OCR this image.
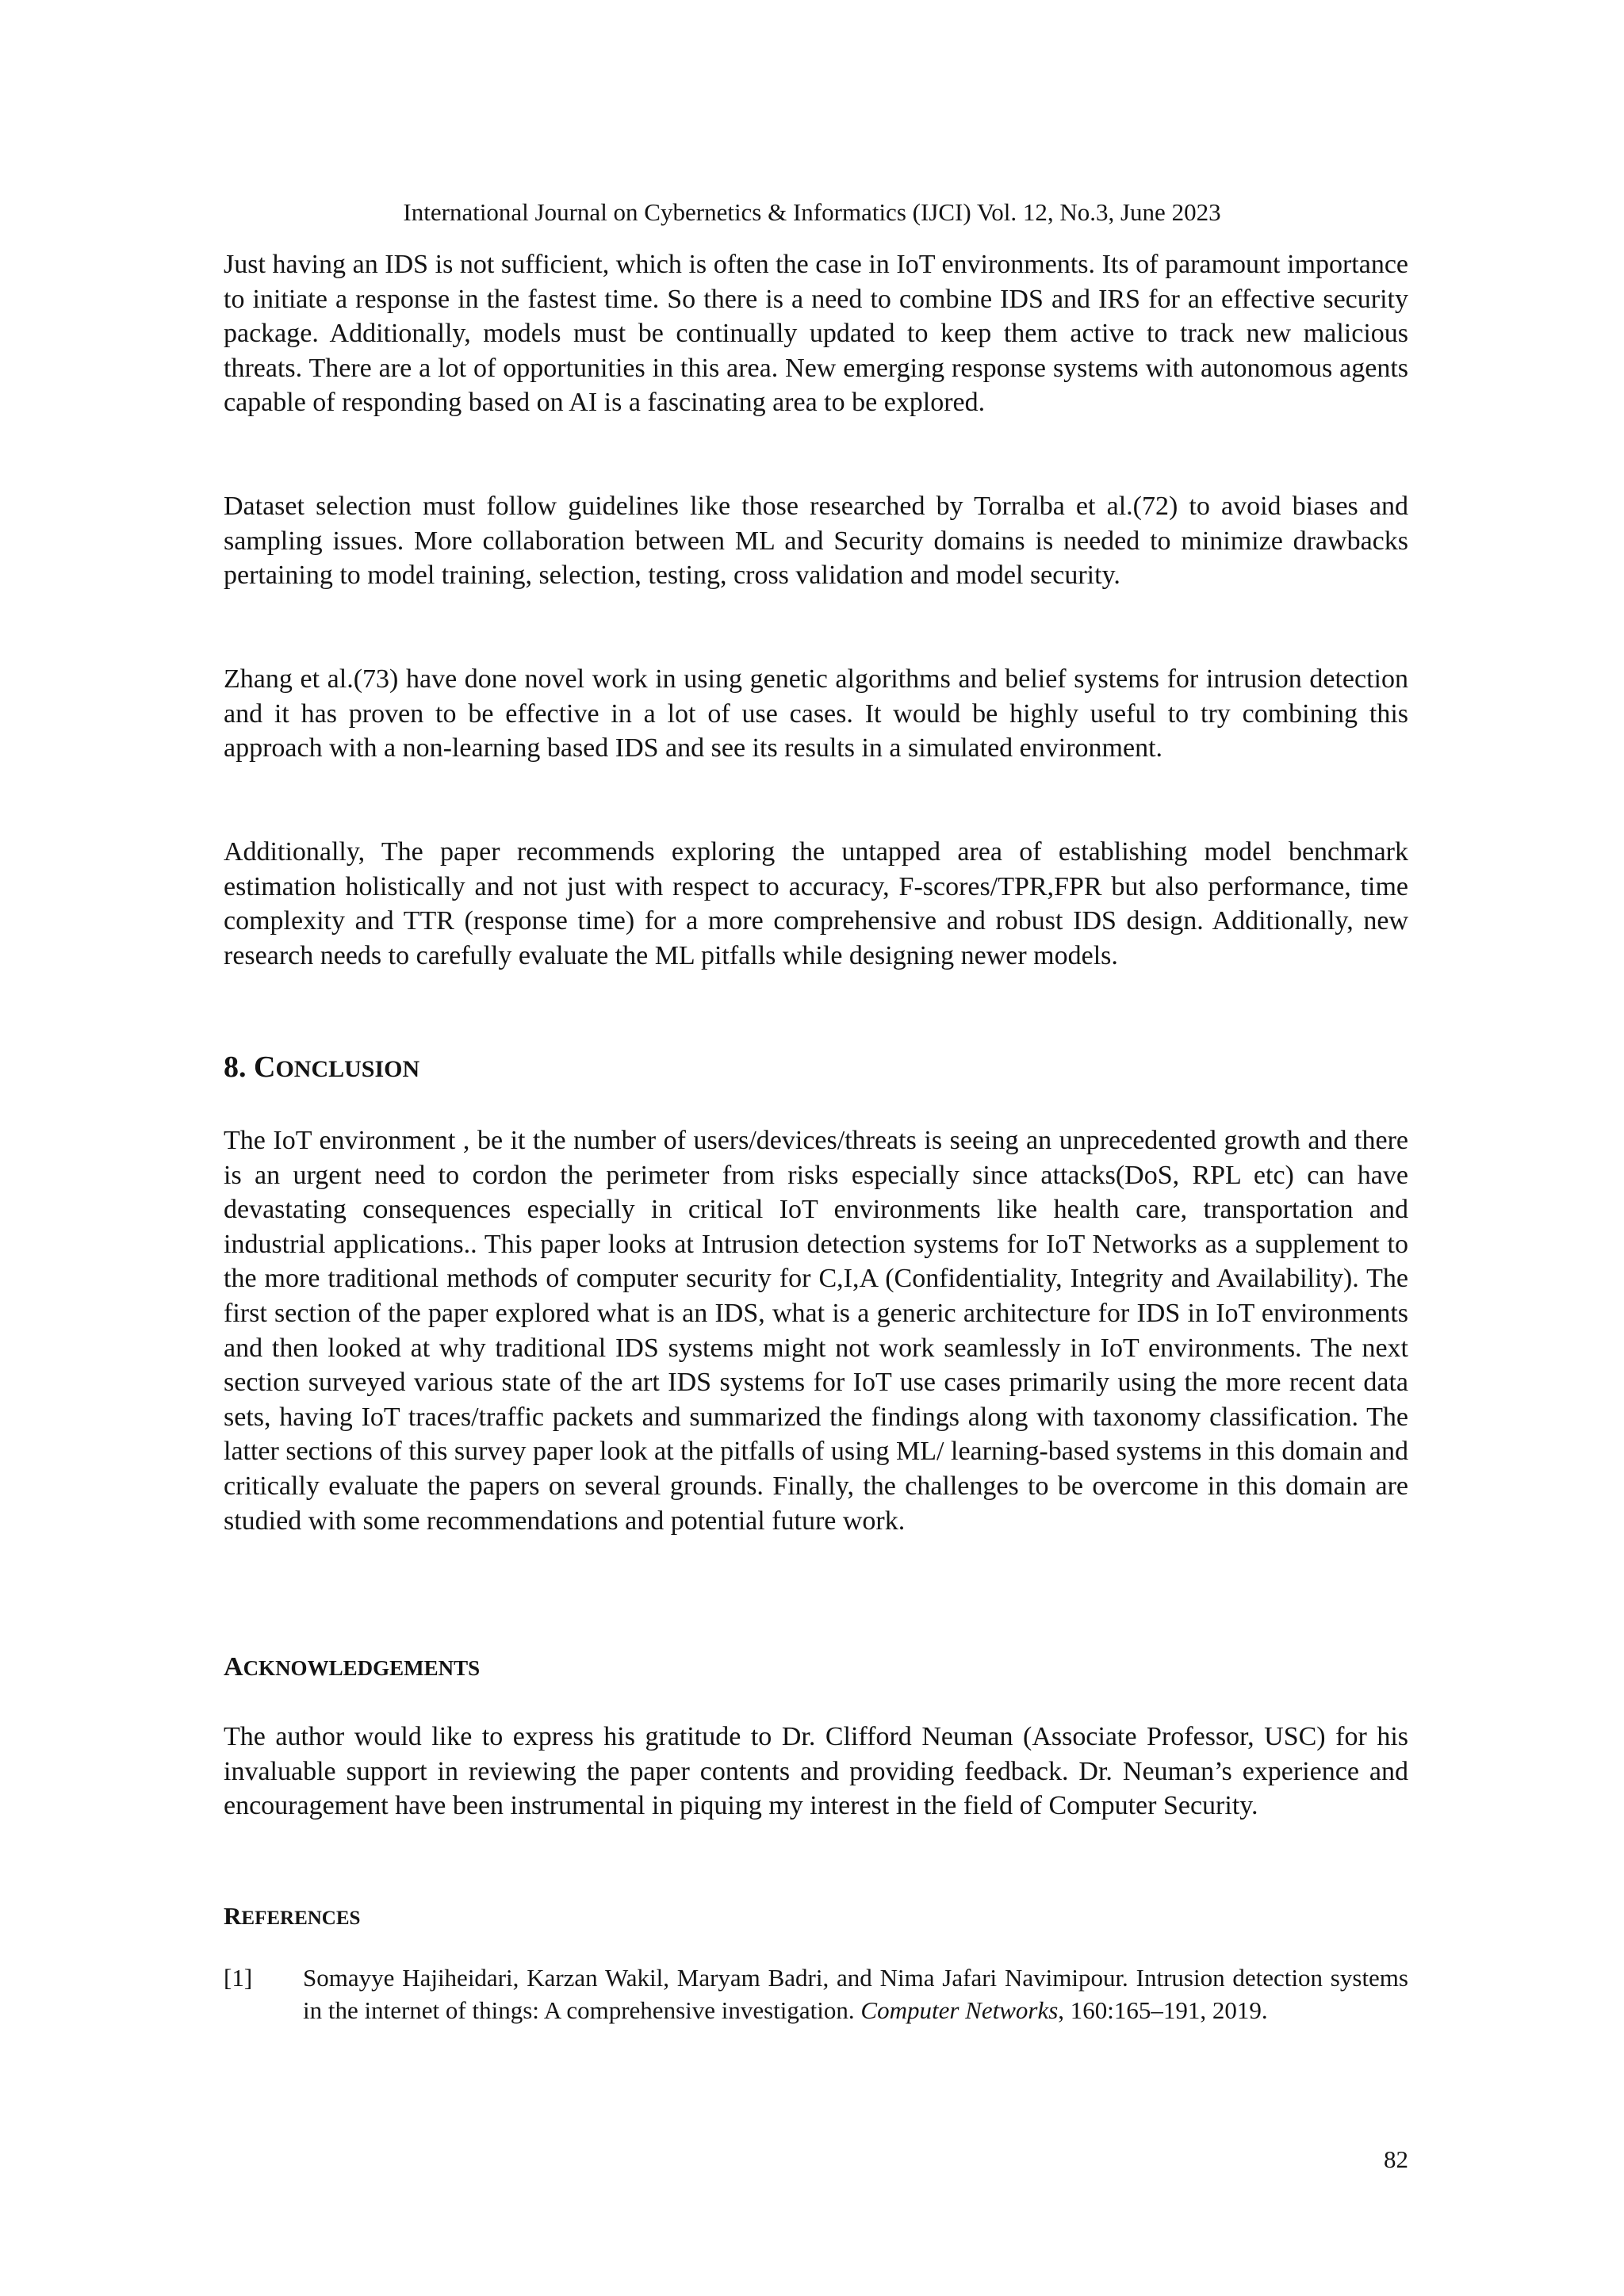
International Journal on Cybernetics & Informatics (IJCI) Vol. 12, No.3, June 2023

Just having an IDS is not sufficient, which is often the case in IoT environments. Its of paramount importance to initiate a response in the fastest time. So there is a need to combine IDS and IRS for an effective security package. Additionally, models must be continually updated to keep them active to track new malicious threats. There are a lot of opportunities in this area. New emerging response systems with autonomous agents capable of responding based on AI is a fascinating area to be explored.

Dataset selection must follow guidelines like those researched by Torralba et al.(72) to avoid biases and sampling issues. More collaboration between ML and Security domains is needed to minimize drawbacks pertaining to model training, selection, testing, cross validation and model security.

Zhang et al.(73) have done novel work in using genetic algorithms and belief systems for intrusion detection and it has proven to be effective in a lot of use cases. It would be highly useful to try combining this approach with a non-learning based IDS and see its results in a simulated environment.

Additionally, The paper recommends exploring the untapped area of establishing model benchmark estimation holistically and not just with respect to accuracy, F-scores/TPR,FPR but also performance, time complexity and TTR (response time) for a more comprehensive and robust IDS design. Additionally, new research needs to carefully evaluate the ML pitfalls while designing newer models.

8. CONCLUSION

The IoT environment , be it the number of users/devices/threats is seeing an unprecedented growth and there is an urgent need to cordon the perimeter from risks especially since attacks(DoS, RPL etc) can have devastating consequences especially in critical IoT environments like health care, transportation and industrial applications.. This paper looks at Intrusion detection systems for IoT Networks as a supplement to the more traditional methods of computer security for C,I,A (Confidentiality, Integrity and Availability). The first section of the paper explored what is an IDS, what is a generic architecture for IDS in IoT environments and then looked at why traditional IDS systems might not work seamlessly in IoT environments. The next section surveyed various state of the art IDS systems for IoT use cases primarily using the more recent data sets, having IoT traces/traffic packets and summarized the findings along with taxonomy classification. The latter sections of this survey paper look at the pitfalls of using ML/ learning-based systems in this domain and critically evaluate the papers on several grounds. Finally, the challenges to be overcome in this domain are studied with some recommendations and potential future work.

ACKNOWLEDGEMENTS

The author would like to express his gratitude to Dr. Clifford Neuman (Associate Professor, USC) for his invaluable support in reviewing the paper contents and providing feedback. Dr. Neuman’s experience and encouragement have been instrumental in piquing my interest in the field of Computer Security.

REFERENCES
[1] Somayye Hajiheidari, Karzan Wakil, Maryam Badri, and Nima Jafari Navimipour. Intrusion detection systems in the internet of things: A comprehensive investigation. Computer Networks, 160:165–191, 2019.
82
